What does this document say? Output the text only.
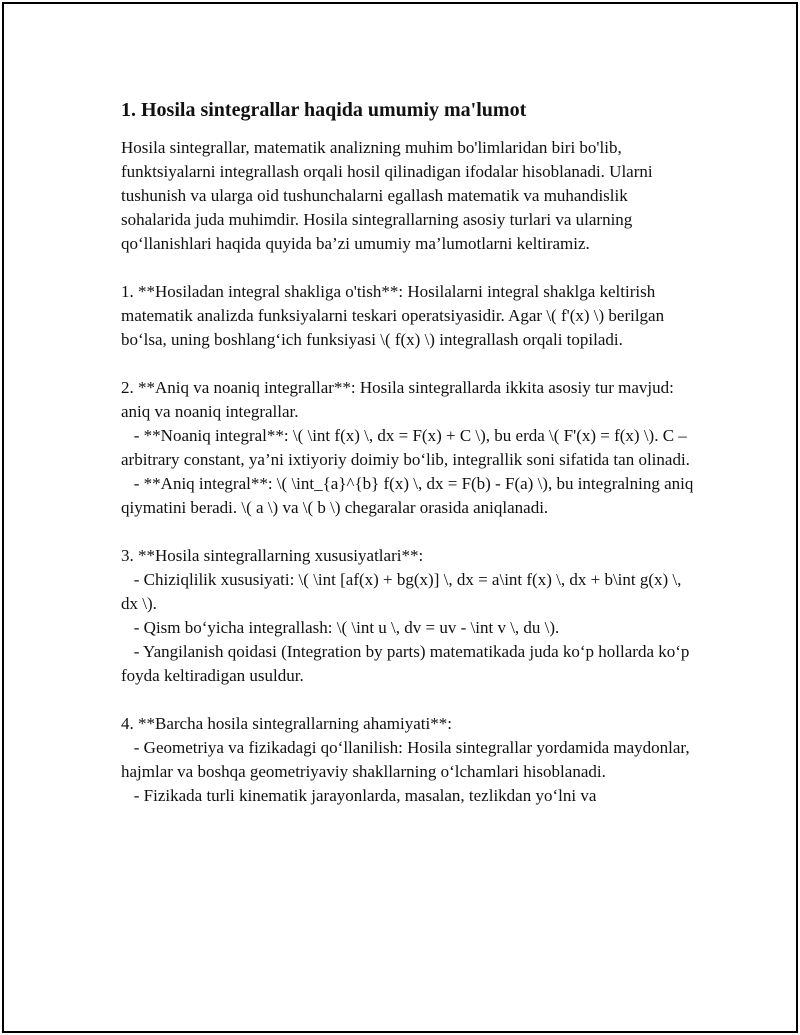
1. Hosila sintegrallar haqida umumiy ma'lumot

Hosila sintegrallar, matematik analizning muhim bo'limlaridan biri bo'lib, funktsiyalarni integrallash orqali hosil qilinadigan ifodalar hisoblanadi. Ularni tushunish va ularga oid tushunchalarni egallash matematik va muhandislik sohalarida juda muhimdir. Hosila sintegrallarning asosiy turlari va ularning qo‘llanishlari haqida quyida ba’zi umumiy ma’lumotlarni keltiramiz.

1. **Hosiladan integral shakliga o'tish**: Hosilalarni integral shaklga keltirish matematik analizda funksiyalarni teskari operatsiyasidir. Agar \( f'(x) \) berilgan bo‘lsa, uning boshlang‘ich funksiyasi \( f(x) \) integrallash orqali topiladi.

2. **Aniq va noaniq integrallar**: Hosila sintegrallarda ikkita asosiy tur mavjud: aniq va noaniq integrallar.
- **Noaniq integral**: \( \int f(x) \, dx = F(x) + C \), bu erda \( F'(x) = f(x) \). C – arbitrary constant, ya’ni ixtiyoriy doimiy bo‘lib, integrallik soni sifatida tan olinadi.
- **Aniq integral**: \( \int_{a}^{b} f(x) \, dx = F(b) - F(a) \), bu integralning aniq qiymatini beradi. \( a \) va \( b \) chegaralar orasida aniqlanadi.
3. **Hosila sintegrallarning xususiyatlari**:
- Chiziqlilik xususiyati: \( \int [af(x) + bg(x)] \, dx = a\int f(x) \, dx + b\int g(x) \, dx \).
- Qism bo‘yicha integrallash: \( \int u \, dv = uv - \int v \, du \).
- Yangilanish qoidasi (Integration by parts) matematikada juda ko‘p hollarda ko‘p foyda keltiradigan usuldur.
4. **Barcha hosila sintegrallarning ahamiyati**:
- Geometriya va fizikadagi qo‘llanilish: Hosila sintegrallar yordamida maydonlar, hajmlar va boshqa geometriyaviy shakllarning o‘lchamlari hisoblanadi.
- Fizikada turli kinematik jarayonlarda, masalan, tezlikdan yo‘lni va
